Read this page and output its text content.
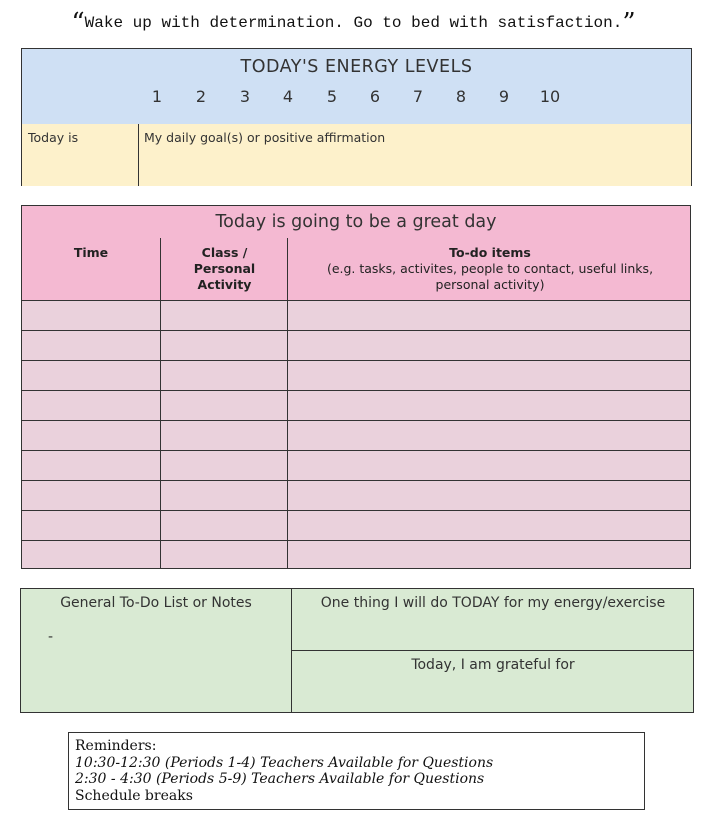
“Wake up with determination. Go to bed with satisfaction.”
TODAY'S ENERGY LEVELS
1 2 3 4 5 6 7 8 9 10
Today is	My daily goal(s) or positive affirmation
Today is going to be a great day
Time	Class / Personal Activity
To-do items
(e.g. tasks, activites, people to contact, useful links, personal activity)
General To-Do List or Notes
-
One thing I will do TODAY for my energy/exercise
Today, I am grateful for
Reminders:
10:30-12:30 (Periods 1-4) Teachers Available for Questions
2:30 - 4:30 (Periods 5-9) Teachers Available for Questions
Schedule breaks
